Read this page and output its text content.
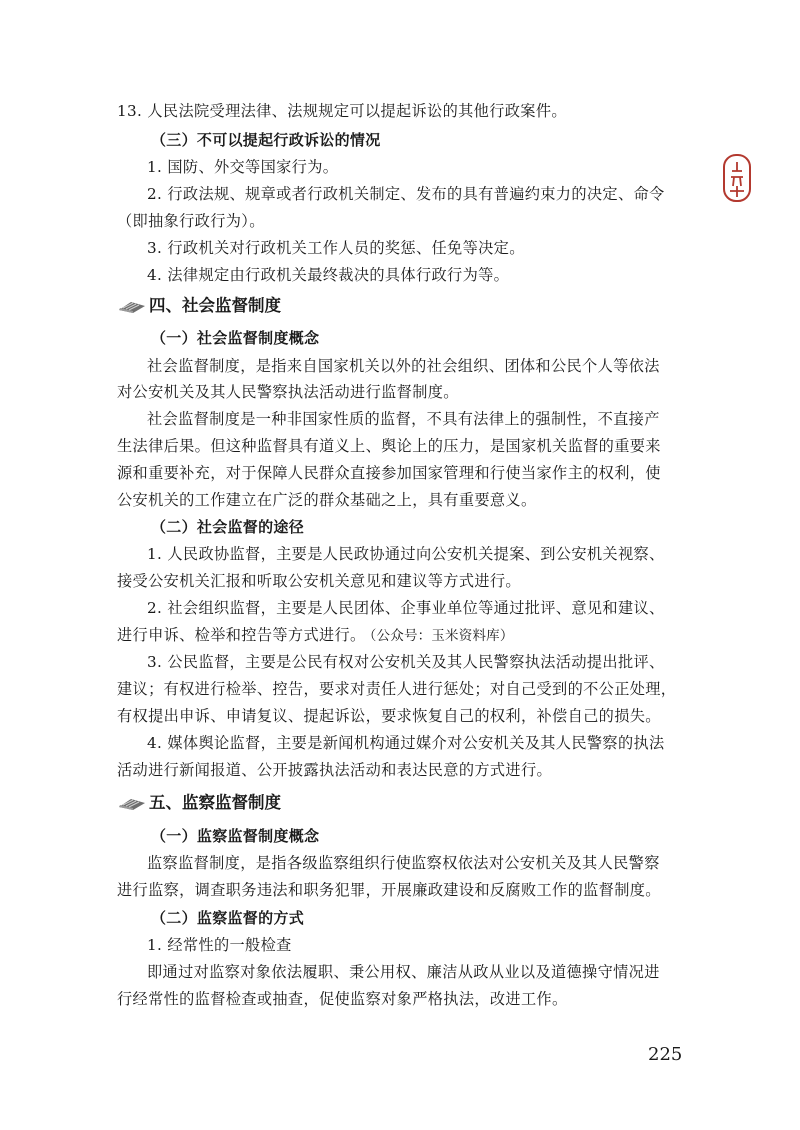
13. 人民法院受理法律、法规规定可以提起诉讼的其他行政案件。
（三）不可以提起行政诉讼的情况
1. 国防、外交等国家行为。
2. 行政法规、规章或者行政机关制定、发布的具有普遍约束力的决定、命令
（即抽象行政行为）。
3. 行政机关对行政机关工作人员的奖惩、任免等决定。
4. 法律规定由行政机关最终裁决的具体行政行为等。
四、社会监督制度
（一）社会监督制度概念
社会监督制度，是指来自国家机关以外的社会组织、团体和公民个人等依法
对公安机关及其人民警察执法活动进行监督制度。
社会监督制度是一种非国家性质的监督，不具有法律上的强制性，不直接产
生法律后果。但这种监督具有道义上、舆论上的压力，是国家机关监督的重要来
源和重要补充，对于保障人民群众直接参加国家管理和行使当家作主的权利，使
公安机关的工作建立在广泛的群众基础之上，具有重要意义。
（二）社会监督的途径
1. 人民政协监督，主要是人民政协通过向公安机关提案、到公安机关视察、
接受公安机关汇报和听取公安机关意见和建议等方式进行。
2. 社会组织监督，主要是人民团体、企事业单位等通过批评、意见和建议、
进行申诉、检举和控告等方式进行。 （公众号：玉米资料库）
3. 公民监督，主要是公民有权对公安机关及其人民警察执法活动提出批评、
建议；有权进行检举、控告，要求对责任人进行惩处；对自己受到的不公正处理，
有权提出申诉、申请复议、提起诉讼，要求恢复自己的权利，补偿自己的损失。
4. 媒体舆论监督，主要是新闻机构通过媒介对公安机关及其人民警察的执法
活动进行新闻报道、公开披露执法活动和表达民意的方式进行。
五、监察监督制度
（一）监察监督制度概念
监察监督制度，是指各级监察组织行使监察权依法对公安机关及其人民警察
进行监察，调查职务违法和职务犯罪，开展廉政建设和反腐败工作的监督制度。
（二）监察监督的方式
1. 经常性的一般检查
即通过对监察对象依法履职、秉公用权、廉洁从政从业以及道德操守情况进
行经常性的监督检查或抽查，促使监察对象严格执法，改进工作。
225
